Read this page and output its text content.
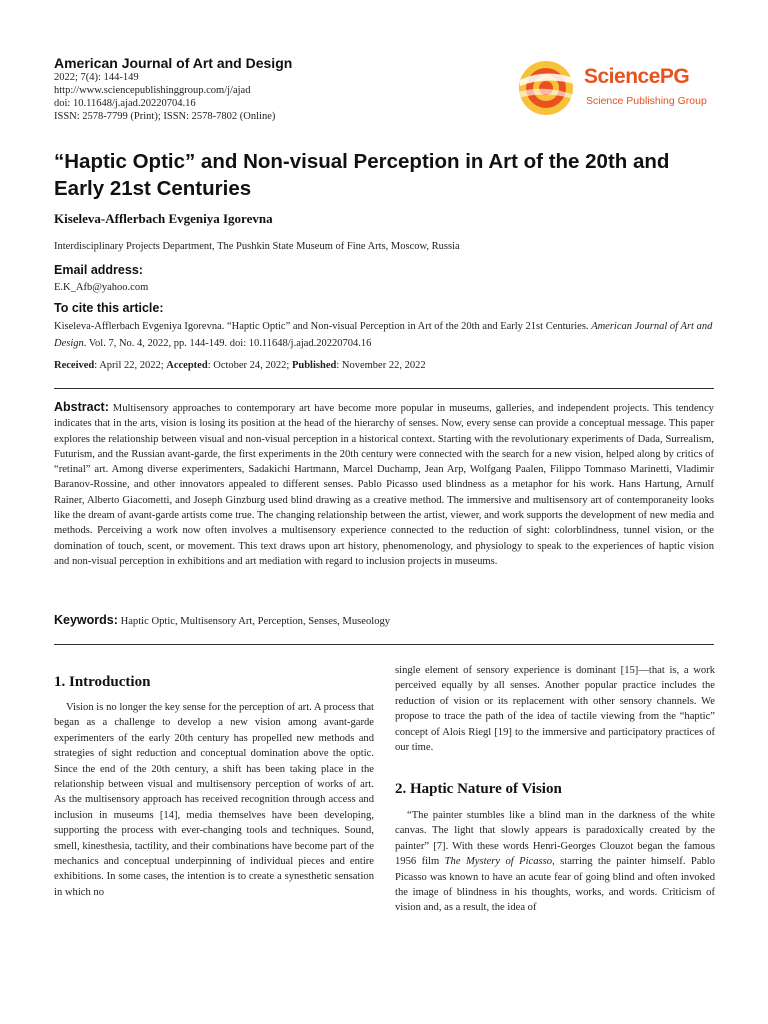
American Journal of Art and Design
2022; 7(4): 144-149
http://www.sciencepublishinggroup.com/j/ajad
doi: 10.11648/j.ajad.20220704.16
ISSN: 2578-7799 (Print); ISSN: 2578-7802 (Online)
SciencePG
Science Publishing Group
“Haptic Optic” and Non-visual Perception in Art of the 20th and Early 21st Centuries
Kiseleva-Afflerbach Evgeniya Igorevna
Interdisciplinary Projects Department, The Pushkin State Museum of Fine Arts, Moscow, Russia
Email address:
E.K_Afb@yahoo.com
To cite this article:
Kiseleva-Afflerbach Evgeniya Igorevna. “Haptic Optic” and Non-visual Perception in Art of the 20th and Early 21st Centuries. American Journal of Art and Design. Vol. 7, No. 4, 2022, pp. 144-149. doi: 10.11648/j.ajad.20220704.16
Received: April 22, 2022; Accepted: October 24, 2022; Published: November 22, 2022
Abstract: Multisensory approaches to contemporary art have become more popular in museums, galleries, and independent projects. This tendency indicates that in the arts, vision is losing its position at the head of the hierarchy of senses. Now, every sense can provide a conceptual message. This paper explores the relationship between visual and non-visual perception in a historical context. Starting with the revolutionary experiments of Dada, Surrealism, Futurism, and the Russian avant-garde, the first experiments in the 20th century were connected with the search for a new vision, helped along by critics of “retinal” art. Among diverse experimenters, Sadakichi Hartmann, Marcel Duchamp, Jean Arp, Wolfgang Paalen, Filippo Tommaso Marinetti, Vladimir Baranov-Rossine, and other innovators appealed to different senses. Pablo Picasso used blindness as a metaphor for his work. Hans Hartung, Arnulf Rainer, Alberto Giacometti, and Joseph Ginzburg used blind drawing as a creative method. The immersive and multisensory art of contemporaneity looks like the dream of avant-garde artists come true. The changing relationship between the artist, viewer, and work supports the development of new media and methods. Perceiving a work now often involves a multisensory experience connected to the reduction of sight: colorblindness, tunnel vision, or the domination of touch, scent, or movement. This text draws upon art history, phenomenology, and physiology to speak to the experiences of haptic vision and non-visual perception in exhibitions and art mediation with regard to inclusion projects in museums.
Keywords: Haptic Optic, Multisensory Art, Perception, Senses, Museology
1. Introduction
Vision is no longer the key sense for the perception of art. A process that began as a challenge to develop a new vision among avant-garde experimenters of the early 20th century has propelled new methods and strategies of sight reduction and conceptual domination above the optic. Since the end of the 20th century, a shift has been taking place in the relationship between visual and multisensory perception of works of art. As the multisensory approach has received recognition through access and inclusion in museums [14], media themselves have been developing, supporting the process with ever-changing tools and techniques. Sound, smell, kinesthesia, tactility, and their combinations have become part of the mechanics and conceptual underpinning of individual pieces and entire exhibitions. In some cases, the intention is to create a synesthetic sensation in which no
single element of sensory experience is dominant [15]—that is, a work perceived equally by all senses. Another popular practice includes the reduction of vision or its replacement with other sensory channels. We propose to trace the path of the idea of tactile viewing from the “haptic” concept of Alois Riegl [19] to the immersive and participatory practices of our time.
2. Haptic Nature of Vision
“The painter stumbles like a blind man in the darkness of the white canvas. The light that slowly appears is paradoxically created by the painter” [7]. With these words Henri-Georges Clouzot began the famous 1956 film The Mystery of Picasso, starring the painter himself. Pablo Picasso was known to have an acute fear of going blind and often invoked the image of blindness in his thoughts, works, and words. Criticism of vision and, as a result, the idea of
